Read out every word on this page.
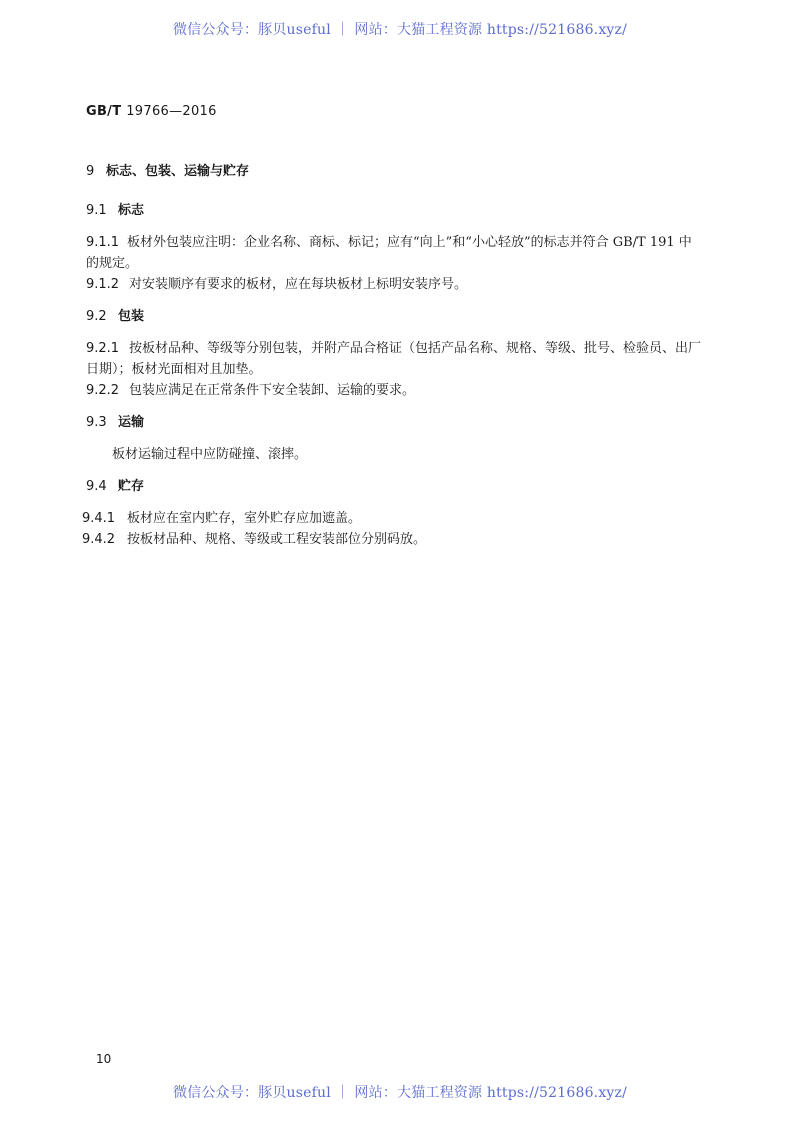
微信公众号：豚贝useful ｜ 网站：大猫工程资源 https://521686.xyz/
GB/T 19766—2016
9 标志、包装、运输与贮存
9.1 标志
9.1.1 板材外包装应注明：企业名称、商标、标记；应有“向上”和“小心轻放”的标志并符合 GB/T 191 中
的规定。
9.1.2 对安装顺序有要求的板材，应在每块板材上标明安装序号。
9.2 包装
9.2.1 按板材品种、等级等分别包装，并附产品合格证（包括产品名称、规格、等级、批号、检验员、出厂
日期）；板材光面相对且加垫。
9.2.2 包装应满足在正常条件下安全装卸、运输的要求。
9.3 运输
板材运输过程中应防碰撞、滚摔。
9.4 贮存
9.4.1 板材应在室内贮存，室外贮存应加遮盖。
9.4.2 按板材品种、规格、等级或工程安装部位分别码放。
10
微信公众号：豚贝useful ｜ 网站：大猫工程资源 https://521686.xyz/
